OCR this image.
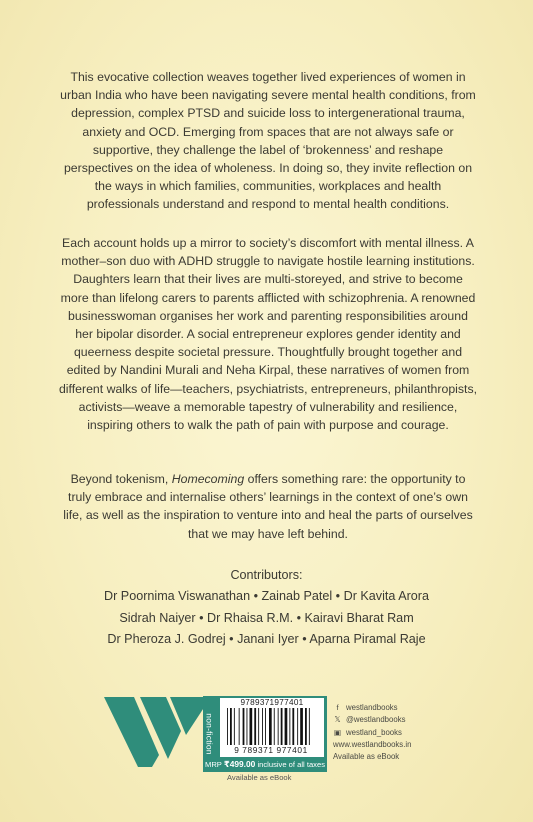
This evocative collection weaves together lived experiences of women in urban India who have been navigating severe mental health conditions, from depression, complex PTSD and suicide loss to intergenerational trauma, anxiety and OCD. Emerging from spaces that are not always safe or supportive, they challenge the label of ‘brokenness’ and reshape perspectives on the idea of wholeness. In doing so, they invite reflection on the ways in which families, communities, workplaces and health professionals understand and respond to mental health conditions.

Each account holds up a mirror to society’s discomfort with mental illness. A mother–son duo with ADHD struggle to navigate hostile learning institutions. Daughters learn that their lives are multi-storeyed, and strive to become more than lifelong carers to parents afflicted with schizophrenia. A renowned businesswoman organises her work and parenting responsibilities around her bipolar disorder. A social entrepreneur explores gender identity and queerness despite societal pressure. Thoughtfully brought together and edited by Nandini Murali and Neha Kirpal, these narratives of women from different walks of life—teachers, psychiatrists, entrepreneurs, philanthropists, activists—weave a memorable tapestry of vulnerability and resilience, inspiring others to walk the path of pain with purpose and courage.

Beyond tokenism, Homecoming offers something rare: the opportunity to truly embrace and internalise others’ learnings in the context of one’s own life, as well as the inspiration to venture into and heal the parts of ourselves that we may have left behind.

Contributors:
Dr Poornima Viswanathan • Zainab Patel • Dr Kavita Arora
Sidrah Naiyer • Dr Rhaisa R.M. • Kairavi Bharat Ram
Dr Pheroza J. Godrej • Janani Iyer • Aparna Piramal Raje
non-fiction
9789371977401
9 789371 977401
MRP ₹499.00 inclusive of all taxes
Available as eBook
f westlandbooks
𝕏 @westlandbooks
▣ westland_books
www.westlandbooks.in
Available as eBook
